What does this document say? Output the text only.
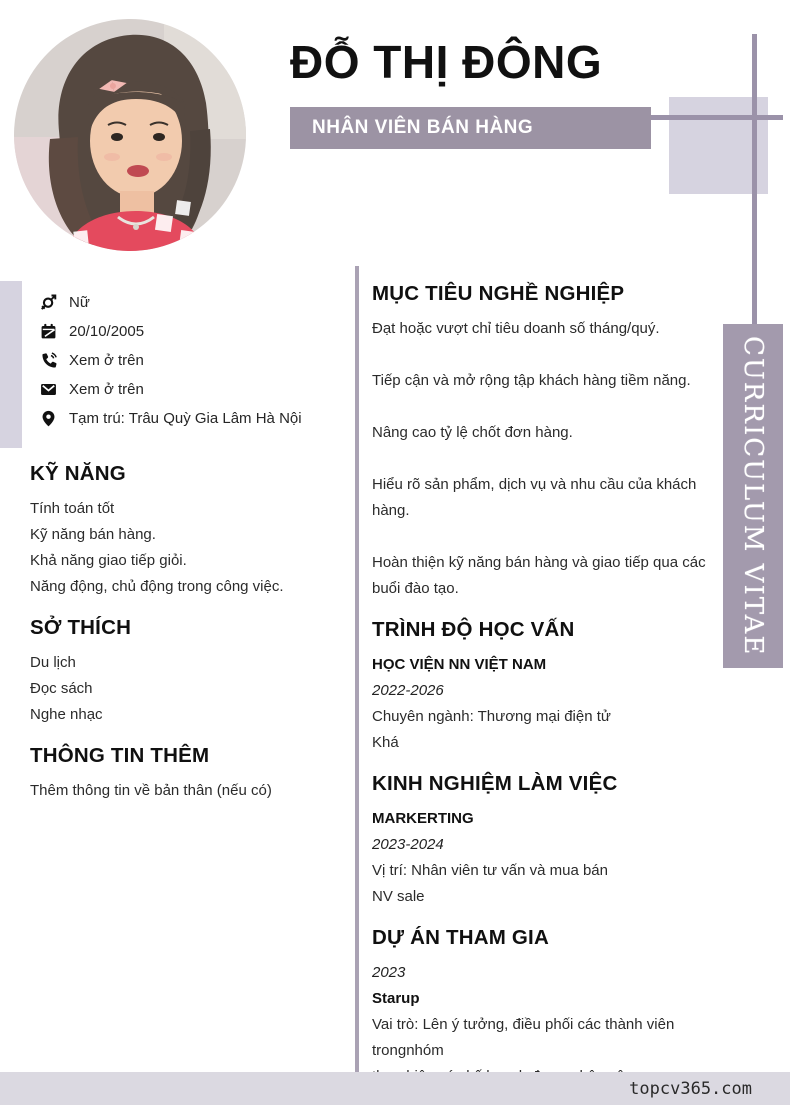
ĐỖ THỊ ĐÔNG
NHÂN VIÊN BÁN HÀNG
CURRICULUM VITAE
Nữ
20/10/2005
Xem ở trên
Xem ở trên
Tạm trú: Trâu Quỳ Gia Lâm Hà Nội
KỸ NĂNG
Tính toán tốt
Kỹ năng bán hàng.
Khả năng giao tiếp giỏi.
Năng động, chủ động trong công việc.
SỞ THÍCH
Du lịch
Đọc sách
Nghe nhạc
THÔNG TIN THÊM
Thêm thông tin về bản thân (nếu có)
MỤC TIÊU NGHỀ NGHIỆP
Đạt hoặc vượt chỉ tiêu doanh số tháng/quý.
Tiếp cận và mở rộng tập khách hàng tiềm năng.
Nâng cao tỷ lệ chốt đơn hàng.
Hiểu rõ sản phẩm, dịch vụ và nhu cầu của khách hàng.
Hoàn thiện kỹ năng bán hàng và giao tiếp qua các buổi đào tạo.
TRÌNH ĐỘ HỌC VẤN
HỌC VIỆN NN VIỆT NAM
2022-2026
Chuyên ngành: Thương mại điện tử
Khá
KINH NGHIỆM LÀM VIỆC
MARKERTING
2023-2024
Vị trí: Nhân viên tư vấn và mua bán
NV sale
DỰ ÁN THAM GIA
2023
Starup
Vai trò: Lên ý tưởng, điều phối các thành viên trongnhóm
topcv365.com
